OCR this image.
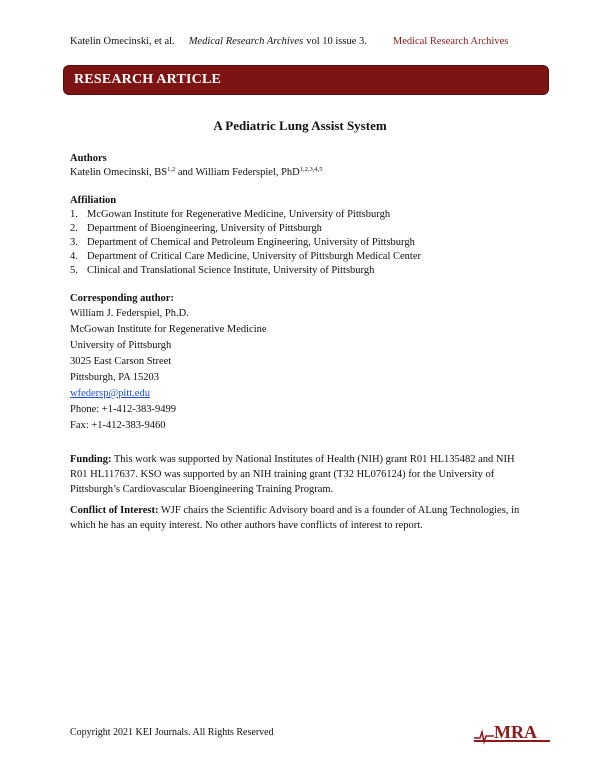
Katelin Omecinski, et al. Medical Research Archives vol 10 issue 3. Medical Research Archives
RESEARCH ARTICLE
A Pediatric Lung Assist System
Authors
Katelin Omecinski, BS$^{1,2}$ and William Federspiel, PhD$^{1,2,3,4,5}$
Affiliation
1. McGowan Institute for Regenerative Medicine, University of Pittsburgh
2. Department of Bioengineering, University of Pittsburgh
3. Department of Chemical and Petroleum Engineering, University of Pittsburgh
4. Department of Critical Care Medicine, University of Pittsburgh Medical Center
5. Clinical and Translational Science Institute, University of Pittsburgh
Corresponding author:
William J. Federspiel, Ph.D.
McGowan Institute for Regenerative Medicine
University of Pittsburgh
3025 East Carson Street
Pittsburgh, PA 15203
wfedersp@pitt.edu
Phone: +1-412-383-9499
Fax: +1-412-383-9460
Funding: This work was supported by National Institutes of Health (NIH) grant R01 HL135482 and NIH R01 HL117637. KSO was supported by an NIH training grant (T32 HL076124) for the University of Pittsburgh’s Cardiovascular Bioengineering Training Program.
Conflict of Interest: WJF chairs the Scientific Advisory board and is a founder of ALung Technologies, in which he has an equity interest. No other authors have conflicts of interest to report.
Copyright 2021 KEI Journals. All Rights Reserved	MRA
